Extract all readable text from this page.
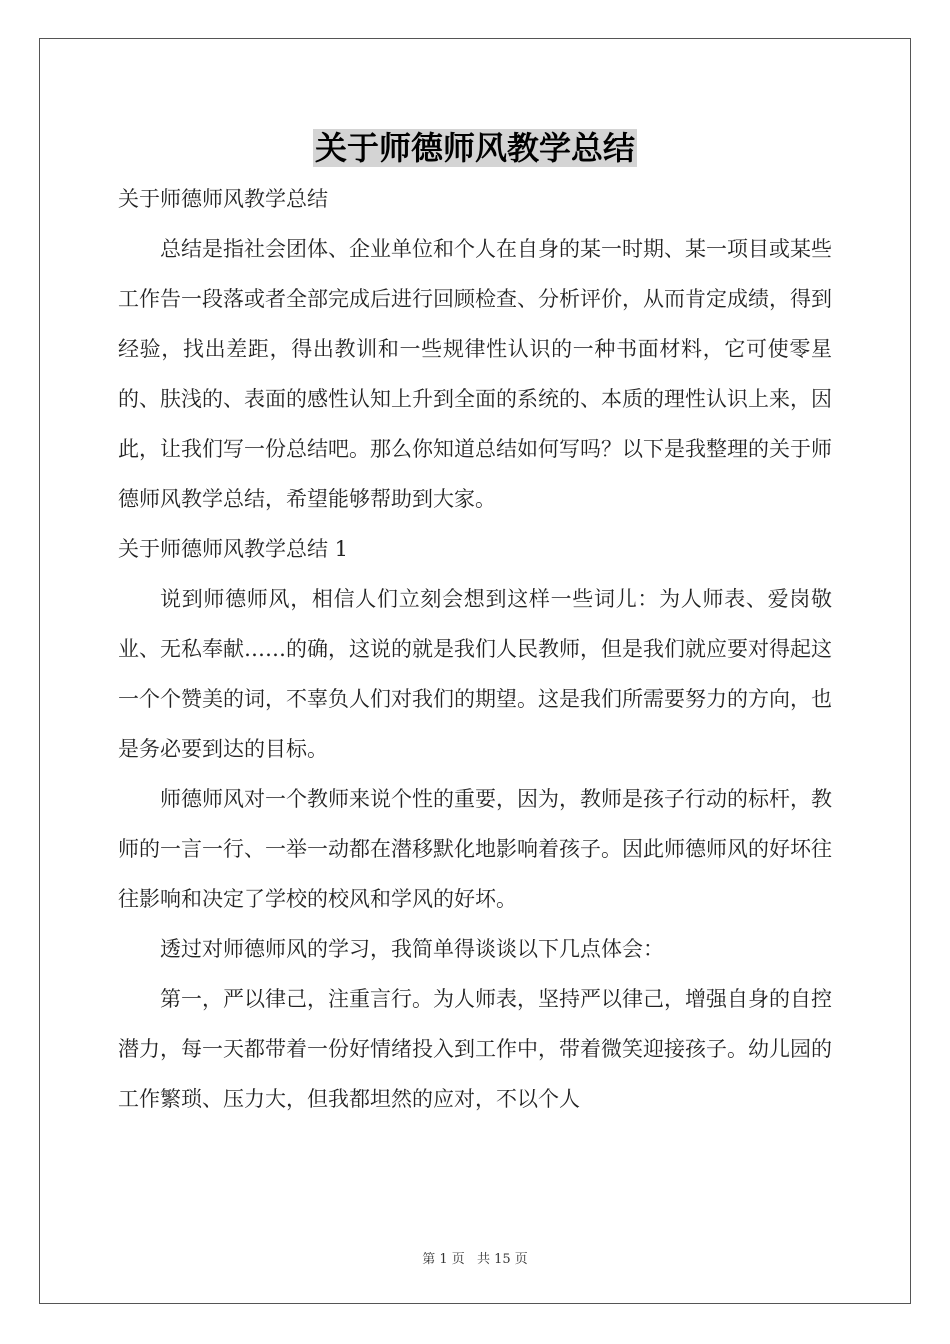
关于师德师风教学总结

关于师德师风教学总结

总结是指社会团体、企业单位和个人在自身的某一时期、某一项目或某些工作告一段落或者全部完成后进行回顾检查、分析评价，从而肯定成绩，得到经验，找出差距，得出教训和一些规律性认识的一种书面材料，它可使零星的、肤浅的、表面的感性认知上升到全面的系统的、本质的理性认识上来，因此，让我们写一份总结吧。那么你知道总结如何写吗？以下是我整理的关于师德师风教学总结，希望能够帮助到大家。

关于师德师风教学总结 1

说到师德师风，相信人们立刻会想到这样一些词儿：为人师表、爱岗敬业、无私奉献……的确，这说的就是我们人民教师，但是我们就应要对得起这一个个赞美的词，不辜负人们对我们的期望。这是我们所需要努力的方向，也是务必要到达的目标。

师德师风对一个教师来说个性的重要，因为，教师是孩子行动的标杆，教师的一言一行、一举一动都在潜移默化地影响着孩子。因此师德师风的好坏往往影响和决定了学校的校风和学风的好坏。

透过对师德师风的学习，我简单得谈谈以下几点体会：

第一，严以律己，注重言行。为人师表，坚持严以律己，增强自身的自控潜力，每一天都带着一份好情绪投入到工作中，带着微笑迎接孩子。幼儿园的工作繁琐、压力大，但我都坦然的应对，不以个人

第 1 页 共 15 页
